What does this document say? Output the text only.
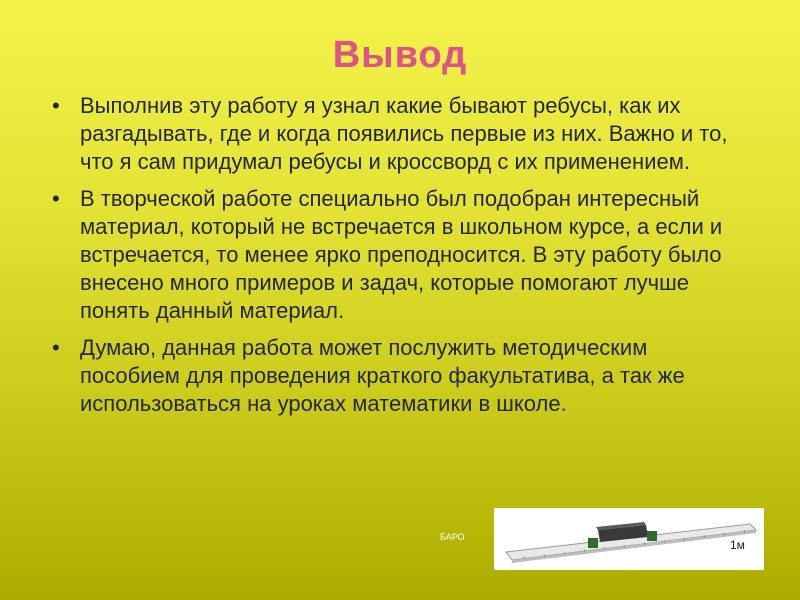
Вывод
• Выполнив эту работу я узнал какие бывают ребусы, как их разгадывать, где и когда появились первые из них. Важно и то, что я сам придумал ребусы и кроссворд с их применением.
• В творческой работе специально был подобран интересный материал, который не встречается в школьном курсе, а если и встречается, то менее ярко преподносится. В эту работу было внесено много примеров и задач, которые помогают лучше понять данный материал.
• Думаю, данная работа может послужить методическим пособием для проведения краткого факультатива, а так же использоваться на уроках математики в школе.
БАРО
1м
